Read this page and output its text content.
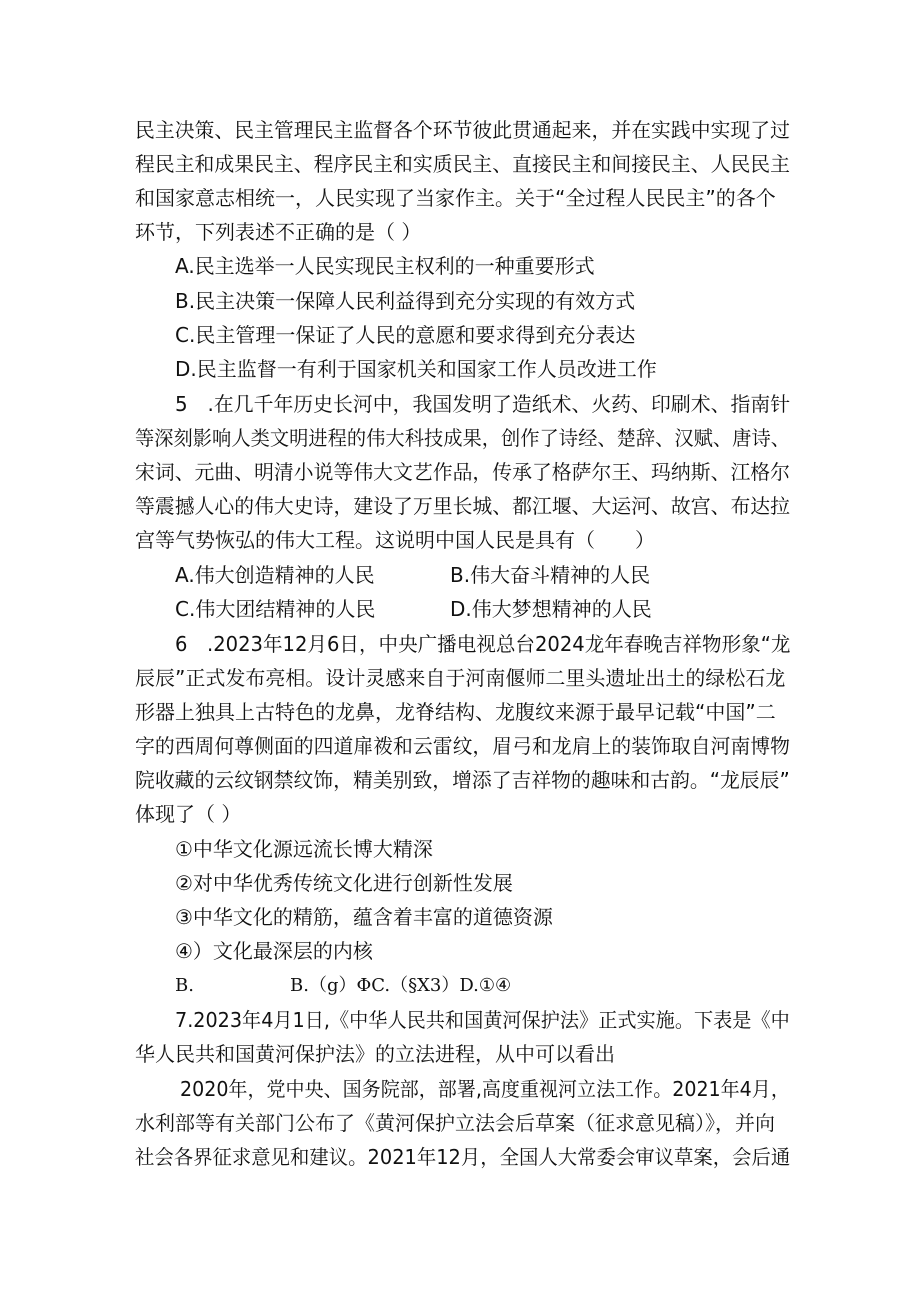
民主决策、民主管理民主监督各个环节彼此贯通起来，并在实践中实现了过
程民主和成果民主、程序民主和实质民主、直接民主和间接民主、人民民主
和国家意志相统一，人民实现了当家作主。关于“全过程人民民主”的各个
环节，下列表述不正确的是（ ）
A.民主选举一人民实现民主权利的一种重要形式
B.民主决策一保障人民利益得到充分实现的有效方式
C.民主管理一保证了人民的意愿和要求得到充分表达
D.民主监督一有利于国家机关和国家工作人员改进工作
5　.在几千年历史长河中，我国发明了造纸术、火药、印刷术、指南针
等深刻影响人类文明进程的伟大科技成果，创作了诗经、楚辞、汉赋、唐诗、
宋词、元曲、明清小说等伟大文艺作品，传承了格萨尔王、玛纳斯、江格尔
等震撼人心的伟大史诗，建设了万里长城、都江堰、大运河、故宫、布达拉
宫等气势恢弘的伟大工程。这说明中国人民是具有（　　）
A.伟大创造精神的人民	B.伟大奋斗精神的人民
C.伟大团结精神的人民	D.伟大梦想精神的人民
6　.2023年12月6日，中央广播电视总台2024龙年春晚吉祥物形象“龙
辰辰”正式发布亮相。设计灵感来自于河南偃师二里头遗址出土的绿松石龙
形器上独具上古特色的龙鼻，龙脊结构、龙腹纹来源于最早记载“中国”二
字的西周何尊侧面的四道扉袯和云雷纹，眉弓和龙肩上的装饰取自河南博物
院收藏的云纹钢禁纹饰，精美别致，增添了吉祥物的趣味和古韵。“龙辰辰”
体现了（ ）
①中华文化源远流长博大精深
②对中华优秀传统文化进行创新性发展
③中华文化的精筋，蕴含着丰富的道德资源
④）文化最深层的内核
B.	B.（g）ΦC.（§X3）D.①④
7.2023年4月1日,《中华人民共和国黄河保护法》正式实施。下表是《中
华人民共和国黄河保护法》的立法进程，从中可以看出
2020年，党中央、国务院部，部署,高度重视河立法工作。2021年4月，
水利部等有关部门公布了《黄河保护立法会后草案（征求意见稿）》，并向
社会各界征求意见和建议。2021年12月，全国人大常委会审议草案，会后通
